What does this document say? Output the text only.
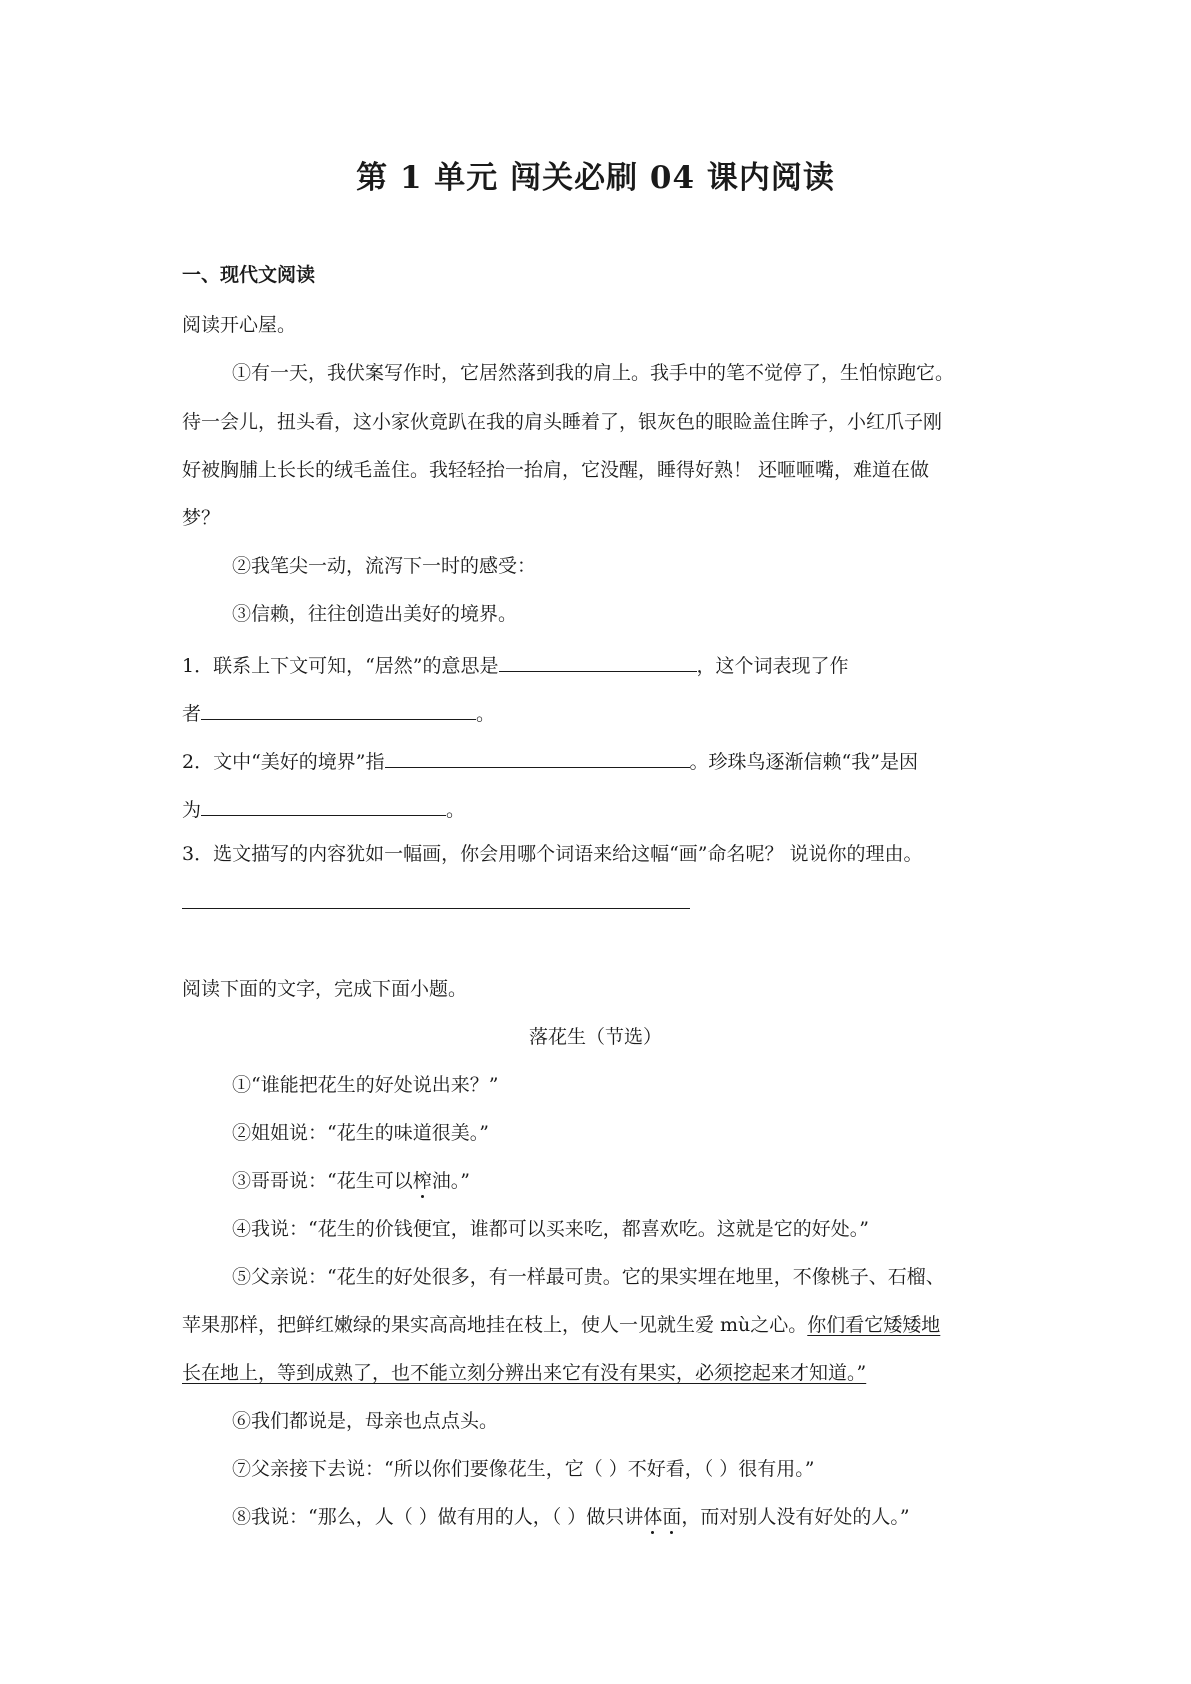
第 1 单元 闯关必刷 04 课内阅读
一、现代文阅读
阅读开心屋。
①有一天，我伏案写作时，它居然落到我的肩上。我手中的笔不觉停了，生怕惊跑它。
待一会儿，扭头看，这小家伙竟趴在我的肩头睡着了，银灰色的眼睑盖住眸子，小红爪子刚
好被胸脯上长长的绒毛盖住。我轻轻抬一抬肩，它没醒，睡得好熟！ 还咂咂嘴，难道在做
梦？
②我笔尖一动，流泻下一时的感受：
③信赖，往往创造出美好的境界。
1．联系上下文可知，“居然”的意思是	，这个词表现了作
者	。
2．文中“美好的境界”指	。珍珠鸟逐渐信赖“我”是因
为	。
3．选文描写的内容犹如一幅画，你会用哪个词语来给这幅“画”命名呢？ 说说你的理由。
阅读下面的文字，完成下面小题。
落花生（节选）
①“谁能把花生的好处说出来？”
②姐姐说：“花生的味道很美。”
③哥哥说：“花生可以榨油。”
④我说：“花生的价钱便宜，谁都可以买来吃，都喜欢吃。这就是它的好处。”
⑤父亲说：“花生的好处很多，有一样最可贵。它的果实埋在地里，不像桃子、石榴、
苹果那样，把鲜红嫩绿的果实高高地挂在枝上，使人一见就生爱 mù之心。你们看它矮矮地
长在地上，等到成熟了，也不能立刻分辨出来它有没有果实，必须挖起来才知道。”
⑥我们都说是，母亲也点点头。
⑦父亲接下去说：“所以你们要像花生，它（ ）不好看，（ ）很有用。”
⑧我说：“那么，人（ ）做有用的人，（ ）做只讲体面，而对别人没有好处的人。”
